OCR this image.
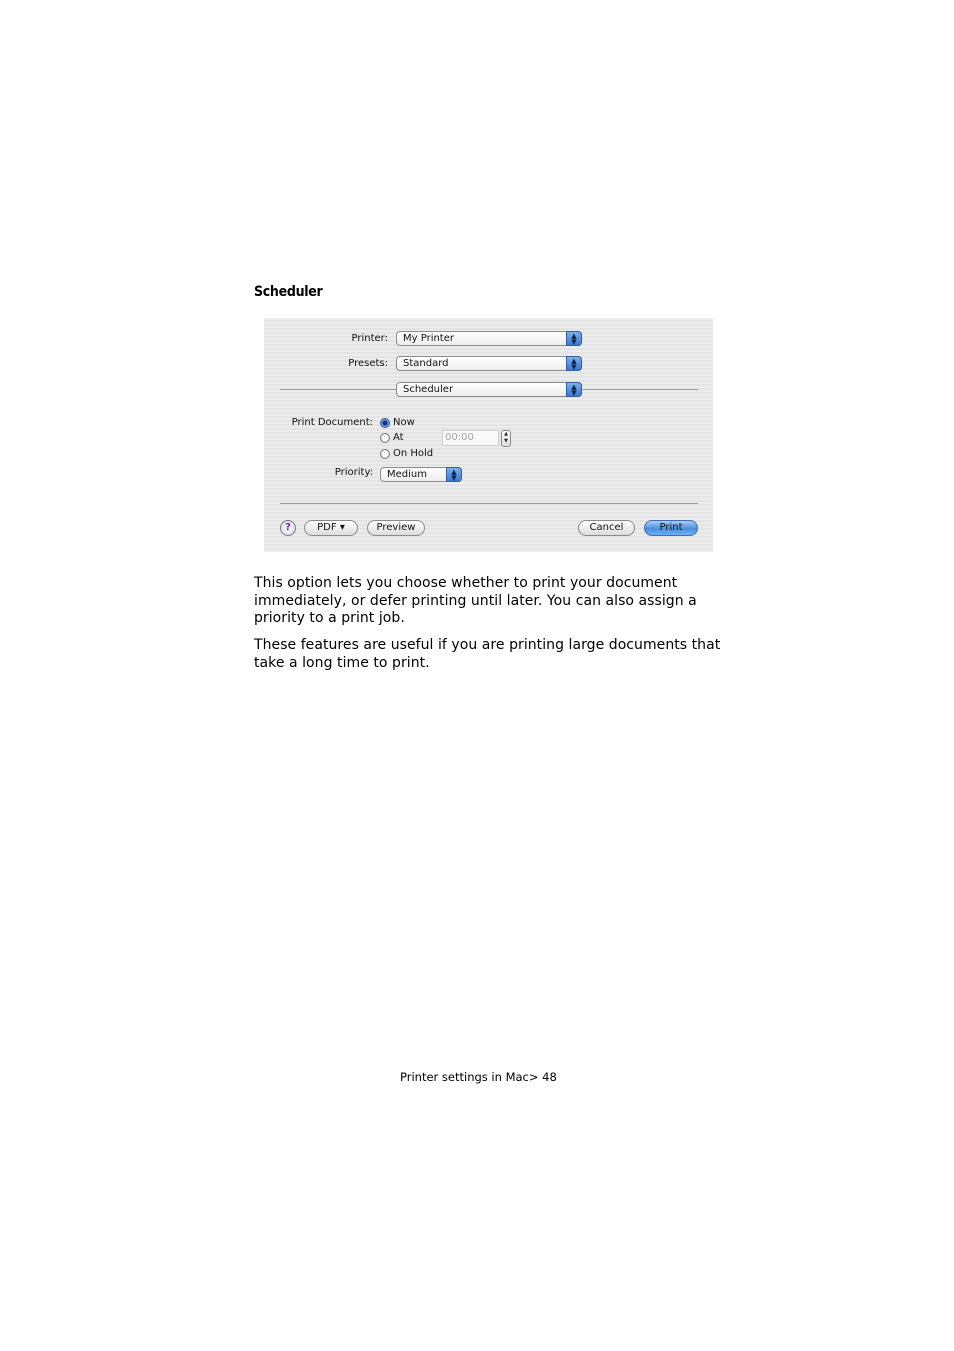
Scheduler
Printer: My Printer	▲
▼
Presets: Standard	▲
▼
Scheduler	▲
▼
Print Document: Now
At	00:00	▲
▼
On Hold
Priority: Medium	▲
▼
?	PDF ▾	Preview	Cancel	Print
This option lets you choose whether to print your document immediately, or defer printing until later. You can also assign a priority to a print job.
These features are useful if you are printing large documents that take a long time to print.
Printer settings in Mac> 48
